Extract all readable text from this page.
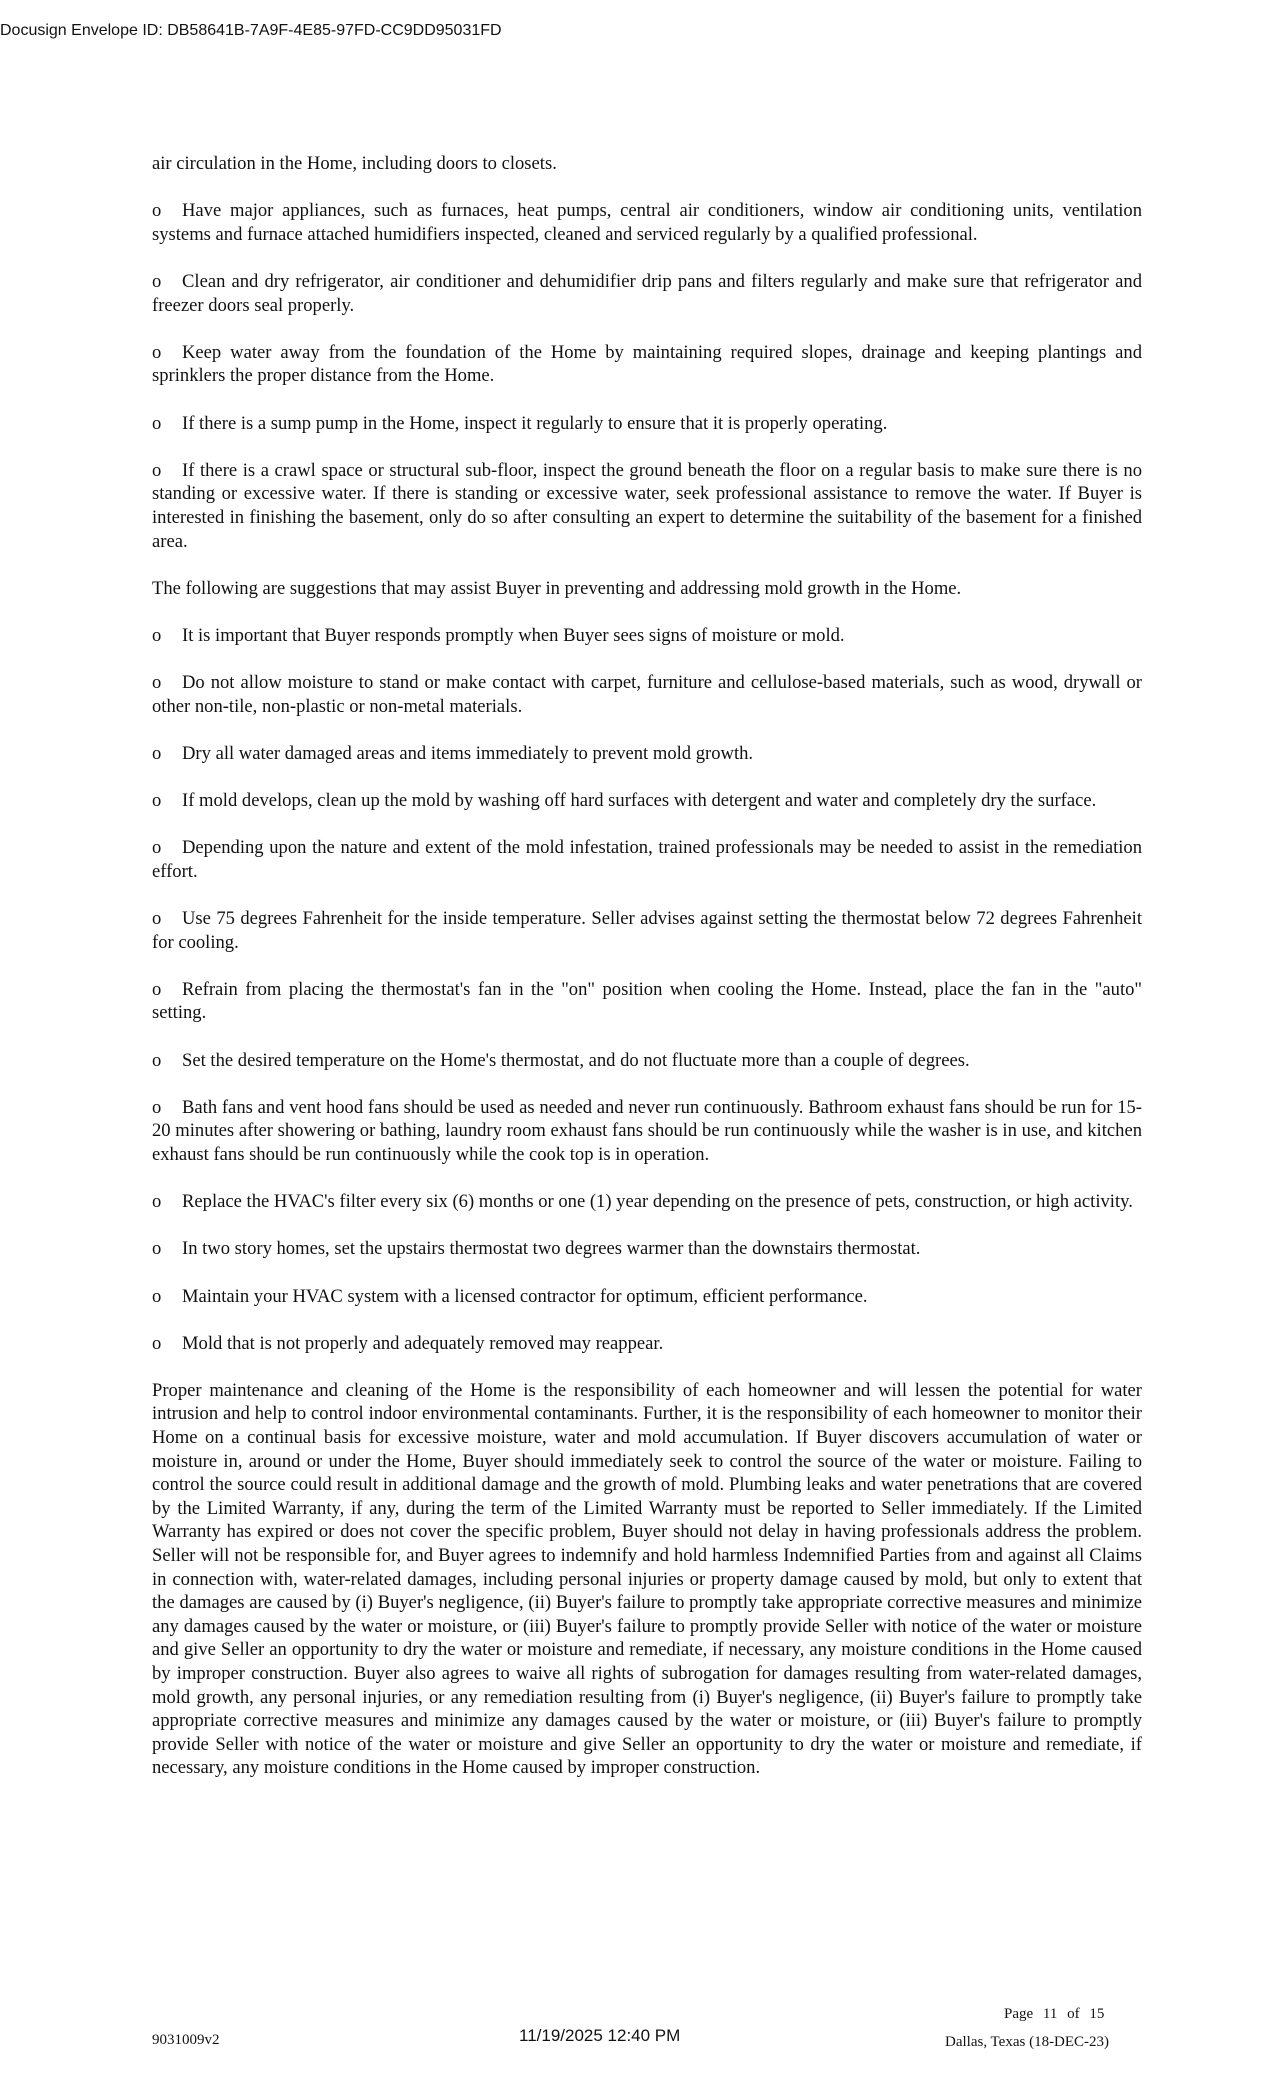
Docusign Envelope ID: DB58641B-7A9F-4E85-97FD-CC9DD95031FD

air circulation in the Home, including doors to closets.

o Have major appliances, such as furnaces, heat pumps, central air conditioners, window air conditioning units, ventilation systems and furnace attached humidifiers inspected, cleaned and serviced regularly by a qualified professional.

o Clean and dry refrigerator, air conditioner and dehumidifier drip pans and filters regularly and make sure that refrigerator and freezer doors seal properly.

o Keep water away from the foundation of the Home by maintaining required slopes, drainage and keeping plantings and sprinklers the proper distance from the Home.

o If there is a sump pump in the Home, inspect it regularly to ensure that it is properly operating.

o If there is a crawl space or structural sub-floor, inspect the ground beneath the floor on a regular basis to make sure there is no standing or excessive water. If there is standing or excessive water, seek professional assistance to remove the water. If Buyer is interested in finishing the basement, only do so after consulting an expert to determine the suitability of the basement for a finished area.

The following are suggestions that may assist Buyer in preventing and addressing mold growth in the Home.

o It is important that Buyer responds promptly when Buyer sees signs of moisture or mold.

o Do not allow moisture to stand or make contact with carpet, furniture and cellulose-based materials, such as wood, drywall or other non-tile, non-plastic or non-metal materials.

o Dry all water damaged areas and items immediately to prevent mold growth.

o If mold develops, clean up the mold by washing off hard surfaces with detergent and water and completely dry the surface.

o Depending upon the nature and extent of the mold infestation, trained professionals may be needed to assist in the remediation effort.

o Use 75 degrees Fahrenheit for the inside temperature. Seller advises against setting the thermostat below 72 degrees Fahrenheit for cooling.

o Refrain from placing the thermostat's fan in the "on" position when cooling the Home. Instead, place the fan in the "auto" setting.

o Set the desired temperature on the Home's thermostat, and do not fluctuate more than a couple of degrees.

o Bath fans and vent hood fans should be used as needed and never run continuously. Bathroom exhaust fans should be run for 15-20 minutes after showering or bathing, laundry room exhaust fans should be run continuously while the washer is in use, and kitchen exhaust fans should be run continuously while the cook top is in operation.

o Replace the HVAC's filter every six (6) months or one (1) year depending on the presence of pets, construction, or high activity.

o In two story homes, set the upstairs thermostat two degrees warmer than the downstairs thermostat.

o Maintain your HVAC system with a licensed contractor for optimum, efficient performance.

o Mold that is not properly and adequately removed may reappear.

Proper maintenance and cleaning of the Home is the responsibility of each homeowner and will lessen the potential for water intrusion and help to control indoor environmental contaminants. Further, it is the responsibility of each homeowner to monitor their Home on a continual basis for excessive moisture, water and mold accumulation. If Buyer discovers accumulation of water or moisture in, around or under the Home, Buyer should immediately seek to control the source of the water or moisture. Failing to control the source could result in additional damage and the growth of mold. Plumbing leaks and water penetrations that are covered by the Limited Warranty, if any, during the term of the Limited Warranty must be reported to Seller immediately. If the Limited Warranty has expired or does not cover the specific problem, Buyer should not delay in having professionals address the problem. Seller will not be responsible for, and Buyer agrees to indemnify and hold harmless Indemnified Parties from and against all Claims in connection with, water-related damages, including personal injuries or property damage caused by mold, but only to extent that the damages are caused by (i) Buyer's negligence, (ii) Buyer's failure to promptly take appropriate corrective measures and minimize any damages caused by the water or moisture, or (iii) Buyer's failure to promptly provide Seller with notice of the water or moisture and give Seller an opportunity to dry the water or moisture and remediate, if necessary, any moisture conditions in the Home caused by improper construction. Buyer also agrees to waive all rights of subrogation for damages resulting from water-related damages, mold growth, any personal injuries, or any remediation resulting from (i) Buyer's negligence, (ii) Buyer's failure to promptly take appropriate corrective measures and minimize any damages caused by the water or moisture, or (iii) Buyer's failure to promptly provide Seller with notice of the water or moisture and give Seller an opportunity to dry the water or moisture and remediate, if necessary, any moisture conditions in the Home caused by improper construction.

9031009v2	11/19/2025 12:40 PM
Page 11 of 15
Dallas, Texas (18-DEC-23)
